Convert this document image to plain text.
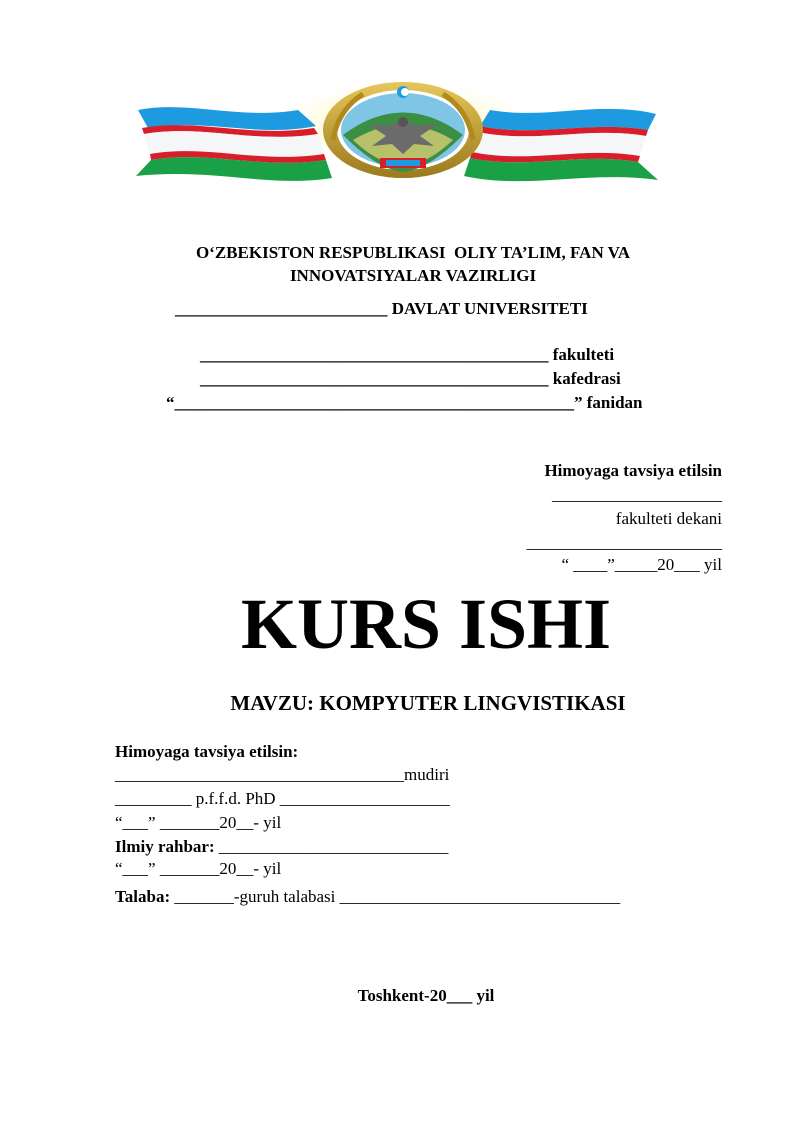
O‘ZBEKISTON RESPUBLIKASI  OLIY TA’LIM, FAN VA
INNOVATSIYALAR VAZIRLIGI
_________________________ DAVLAT UNIVERSITETI
_________________________________________ fakulteti
_________________________________________ kafedrasi
“_______________________________________________” fanidan
Himoyaga tavsiya etilsin
____________________
fakulteti dekani
_______________________
“ ____”_____20___ yil
KURS ISHI
MAVZU: KOMPYUTER LINGVISTIKASI
Himoyaga tavsiya etilsin:
__________________________________mudiri
_________ p.f.f.d. PhD ____________________
“___” _______20__- yil
Ilmiy rahbar: ___________________________
“___” _______20__- yil
Talaba: _______-guruh talabasi _________________________________
Toshkent-20___ yil
